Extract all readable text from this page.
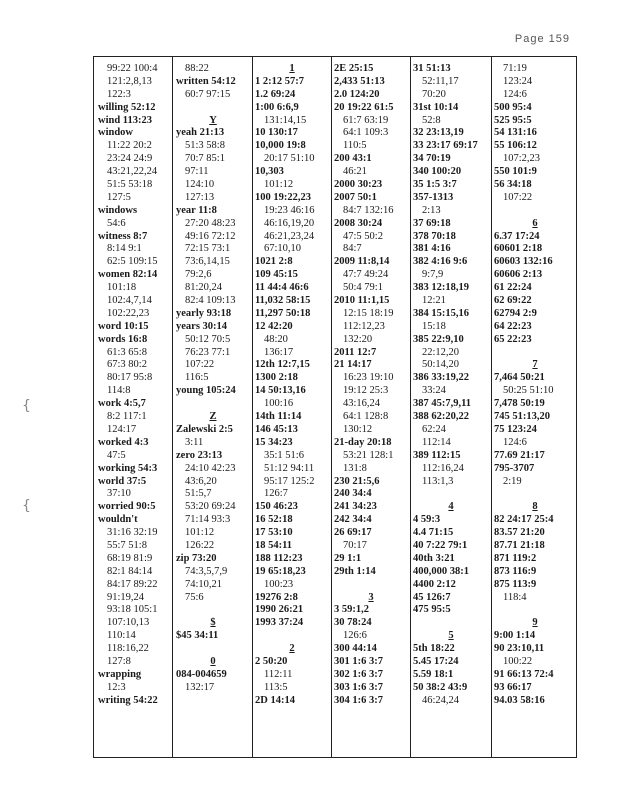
Page 159
{
{
99:22 100:4
121:2,8,13
122:3
willing 52:12
wind 113:23
window
11:22 20:2
23:24 24:9
43:21,22,24
51:5 53:18
127:5
windows
54:6
witness 8:7
8:14 9:1
62:5 109:15
women 82:14
101:18
102:4,7,14
102:22,23
word 10:15
words 16:8
61:3 65:8
67:3 80:2
80:17 95:8
114:8
work 4:5,7
8:2 117:1
124:17
worked 4:3
47:5
working 54:3
world 37:5
37:10
worried 90:5
wouldn't
31:16 32:19
55:7 51:8
68:19 81:9
82:1 84:14
84:17 89:22
91:19,24
93:18 105:1
107:10,13
110:14
118:16,22
127:8
wrapping
12:3
writing 54:22
88:22
written 54:12
60:7 97:15
Y
yeah 21:13
51:3 58:8
70:7 85:1
97:11
124:10
127:13
year 11:8
27:20 48:23
49:16 72:12
72:15 73:1
73:6,14,15
79:2,6
81:20,24
82:4 109:13
yearly 93:18
years 30:14
50:12 70:5
76:23 77:1
107:22
116:5
young 105:24
Z
Zalewski 2:5
3:11
zero 23:13
24:10 42:23
43:6,20
51:5,7
53:20 69:24
71:14 93:3
101:12
126:22
zip 73:20
74:3,5,7,9
74:10,21
75:6
$
$45 34:11
0
084-004659
132:17
1
1 2:12 57:7
1.2 69:24
1:00 6:6,9
131:14,15
10 130:17
10,000 19:8
20:17 51:10
10,303
101:12
100 19:22,23
19:23 46:16
46:16,19,20
46:21,23,24
67:10,10
1021 2:8
109 45:15
11 44:4 46:6
11,032 58:15
11,297 50:18
12 42:20
48:20
136:17
12th 12:7,15
1300 2:18
14 50:13,16
100:16
14th 11:14
146 45:13
15 34:23
35:1 51:6
51:12 94:11
95:17 125:2
126:7
150 46:23
16 52:18
17 53:10
18 54:11
188 112:23
19 65:18,23
100:23
19276 2:8
1990 26:21
1993 37:24
2
2 50:20
112:11
113:5
2D 14:14
2E 25:15
2,433 51:13
2.0 124:20
20 19:22 61:5
61:7 63:19
64:1 109:3
110:5
200 43:1
46:21
2000 30:23
2007 50:1
84:7 132:16
2008 30:24
47:5 50:2
84:7
2009 11:8,14
47:7 49:24
50:4 79:1
2010 11:1,15
12:15 18:19
112:12,23
132:20
2011 12:7
21 14:17
16:23 19:10
19:12 25:3
43:16,24
64:1 128:8
130:12
21-day 20:18
53:21 128:1
131:8
230 21:5,6
240 34:4
241 34:23
242 34:4
26 69:17
70:17
29 1:1
29th 1:14
3
3 59:1,2
30 78:24
126:6
300 44:14
301 1:6 3:7
302 1:6 3:7
303 1:6 3:7
304 1:6 3:7
31 51:13
52:11,17
70:20
31st 10:14
52:8
32 23:13,19
33 23:17 69:17
34 70:19
340 100:20
35 1:5 3:7
357-1313
2:13
37 69:18
378 70:18
381 4:16
382 4:16 9:6
9:7,9
383 12:18,19
12:21
384 15:15,16
15:18
385 22:9,10
22:12,20
50:14,20
386 33:19,22
33:24
387 45:7,9,11
388 62:20,22
62:24
112:14
389 112:15
112:16,24
113:1,3
4
4 59:3
4.4 71:15
40 7:22 79:1
40th 3:21
400,000 38:1
4400 2:12
45 126:7
475 95:5
5
5th 18:22
5.45 17:24
5.59 18:1
50 38:2 43:9
46:24,24
71:19
123:24
124:6
500 95:4
525 95:5
54 131:16
55 106:12
107:2,23
550 101:9
56 34:18
107:22
6
6.37 17:24
60601 2:18
60603 132:16
60606 2:13
61 22:24
62 69:22
62794 2:9
64 22:23
65 22:23
7
7,464 50:21
50:25 51:10
7,478 50:19
745 51:13,20
75 123:24
124:6
77.69 21:17
795-3707
2:19
8
82 24:17 25:4
83.57 21:20
87.71 21:18
871 119:2
873 116:9
875 113:9
118:4
9
9:00 1:14
90 23:10,11
100:22
91 66:13 72:4
93 66:17
94.03 58:16
